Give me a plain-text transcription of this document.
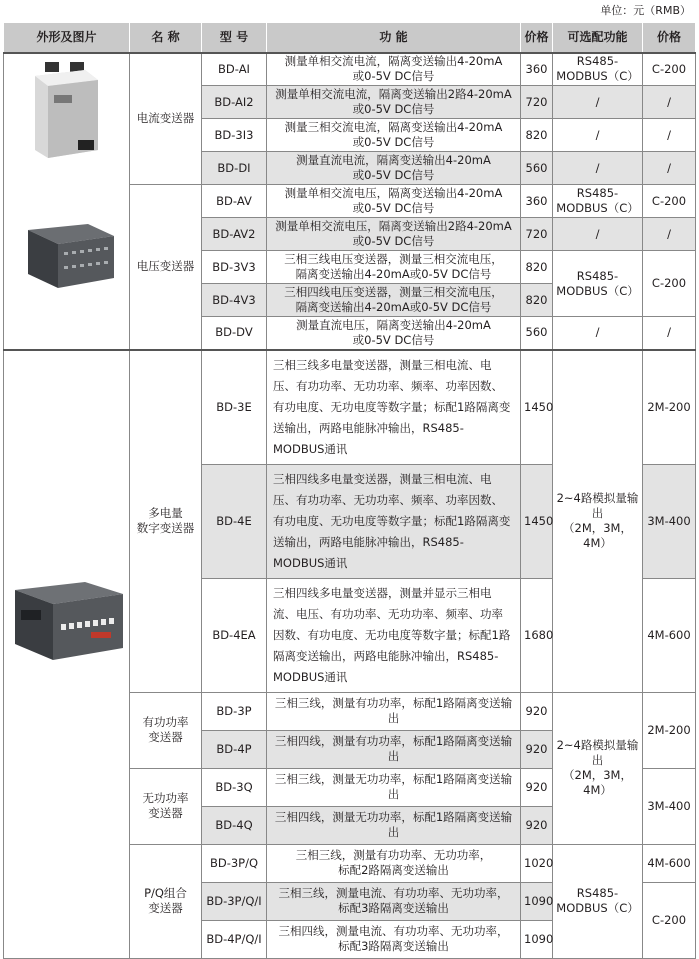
单位：元（RMB）
外形及图片	名 称	型 号	功 能	价格	可选配功能	价格

	电流变送器	BD-AI	测量单相交流电流，隔离变送输出4-20mA
或0-5V DC信号	360	RS485-
MODBUS（C）	C-200
		BD-AI2	测量单相交流电流，隔离变送输出2路4-20mA
或0-5V DC信号	720	/	/
		BD-3I3	测量三相交流电流，隔离变送输出4-20mA
或0-5V DC信号	820	/	/
		BD-DI	测量直流电流，隔离变送输出4-20mA
或0-5V DC信号	560	/	/
	电压变送器	BD-AV	测量单相交流电压，隔离变送输出4-20mA
或0-5V DC信号	360	RS485-
MODBUS（C）	C-200
		BD-AV2	测量单相交流电压，隔离变送输出2路4-20mA
或0-5V DC信号	720	/	/
		BD-3V3	三相三线电压变送器，测量三相交流电压，
隔离变送输出4-20mA或0-5V DC信号	820	RS485-
MODBUS（C）	C-200
		BD-4V3	三相四线电压变送器，测量三相交流电压，
隔离变送输出4-20mA或0-5V DC信号	820		
		BD-DV	测量直流电压，隔离变送输出4-20mA
或0-5V DC信号	560	/	/

	多电量
数字变送器	BD-3E	三相三线多电量变送器，测量三相电流、电压、有功功率、无功功率、频率、功率因数、有功电度、无功电度等数字量；标配1路隔离变送输出，两路电能脉冲输出，RS485-MODBUS通讯	1450	2~4路模拟量输出
（2M，3M，4M）	2M-200
		BD-4E	三相四线多电量变送器，测量三相电流、电压、有功功率、无功功率、频率、功率因数、有功电度、无功电度等数字量；标配1路隔离变送输出，两路电能脉冲输出，RS485-MODBUS通讯	1450		3M-400
		BD-4EA	三相四线多电量变送器，测量并显示三相电流、电压、有功功率、无功功率、频率、功率因数、有功电度、无功电度等数字量；标配1路隔离变送输出，两路电能脉冲输出，RS485-MODBUS通讯	1680		4M-600
	有功功率
变送器	BD-3P	三相三线，测量有功功率，标配1路隔离变送输出	920	2~4路模拟量输出
（2M，3M，4M）	2M-200
		BD-4P	三相四线，测量有功功率，标配1路隔离变送输出	920		
	无功功率
变送器	BD-3Q	三相三线，测量无功功率，标配1路隔离变送输出	920		3M-400
		BD-4Q	三相四线，测量无功功率，标配1路隔离变送输出	920		
	P/Q组合
变送器	BD-3P/Q	三相三线，测量有功功率、无功功率，
标配2路隔离变送输出	1020	RS485-
MODBUS（C）	4M-600
		BD-3P/Q/I	三相三线，测量电流、有功功率、无功功率，
标配3路隔离变送输出	1090		C-200
		BD-4P/Q/I	三相四线，测量电流、有功功率、无功功率，
标配3路隔离变送输出	1090		
